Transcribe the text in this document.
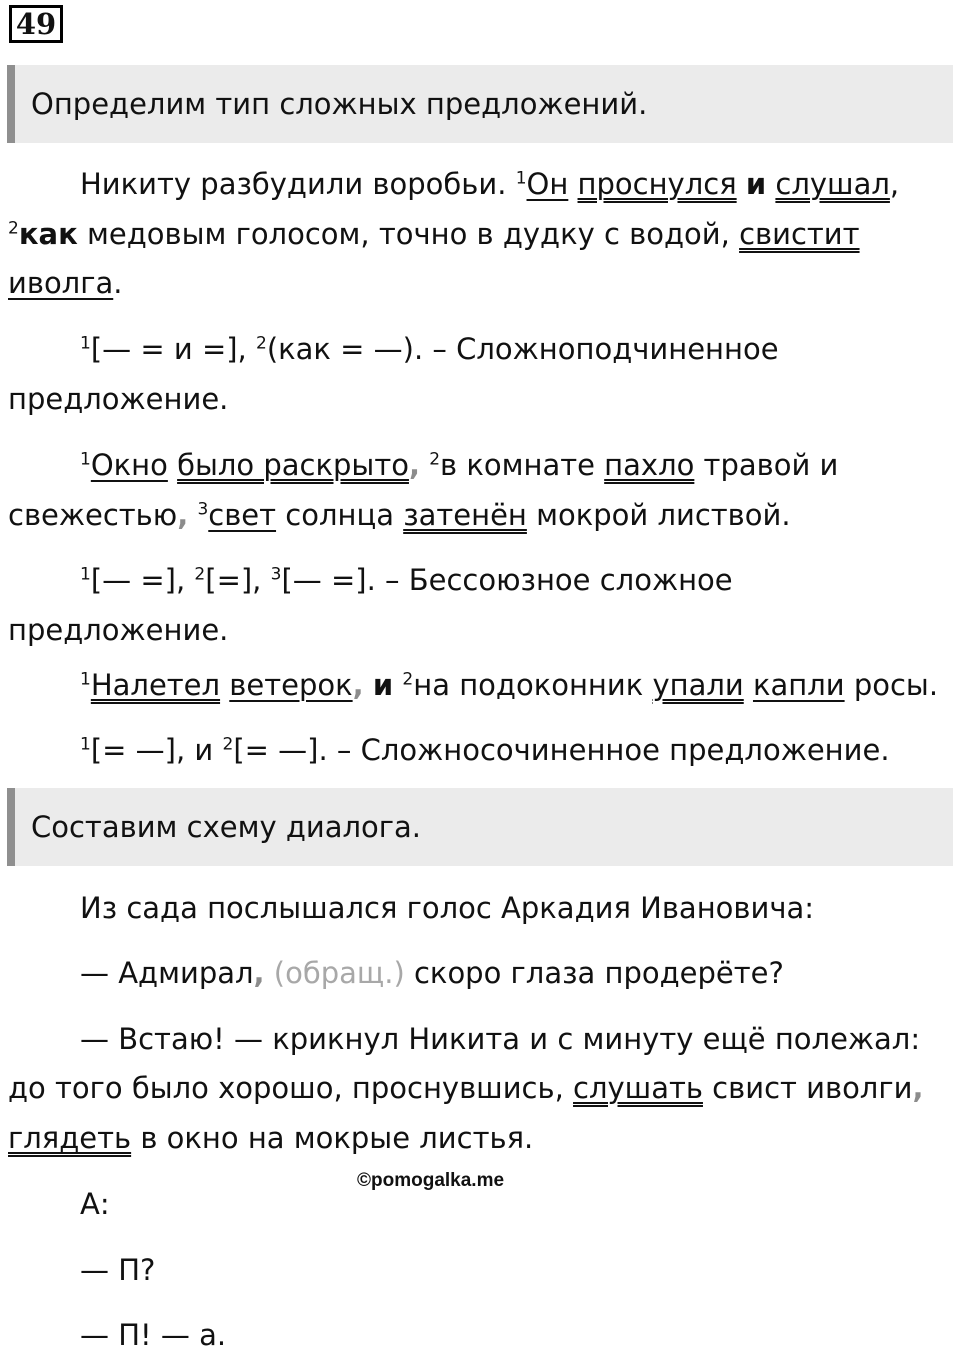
49
Определим тип сложных предложений.

Никиту разбудили воробьи. $^1$Он проснулся и слушал,

$^2$как медовым голосом, точно в дудку с водой, свистит

иволга.

$^1$[— = и =], $^2$(как = —). – Сложноподчиненное

предложение.

$^1$Окно было раскрыто, $^2$в комнате пахло травой и

свежестью, $^3$свет солнца затенён мокрой листвой.

$^1$[— =], $^2$[=], $^3$[— =]. – Бессоюзное сложное

предложение.

$^1$Налетел ветерок, и $^2$на подоконник упали капли росы.

$^1$[= —], и $^2$[= —]. – Сложносочиненное предложение.

Составим схему диалога.

Из сада послышался голос Аркадия Ивановича:

— Адмирал, (обращ.) скоро глаза продерёте?

— Встаю! — крикнул Никита и с минуту ещё полежал:

до того было хорошо, проснувшись, слушать свист иволги,

глядеть в окно на мокрые листья.

©pomogalka.me

А:

— П?

— П! — а.
